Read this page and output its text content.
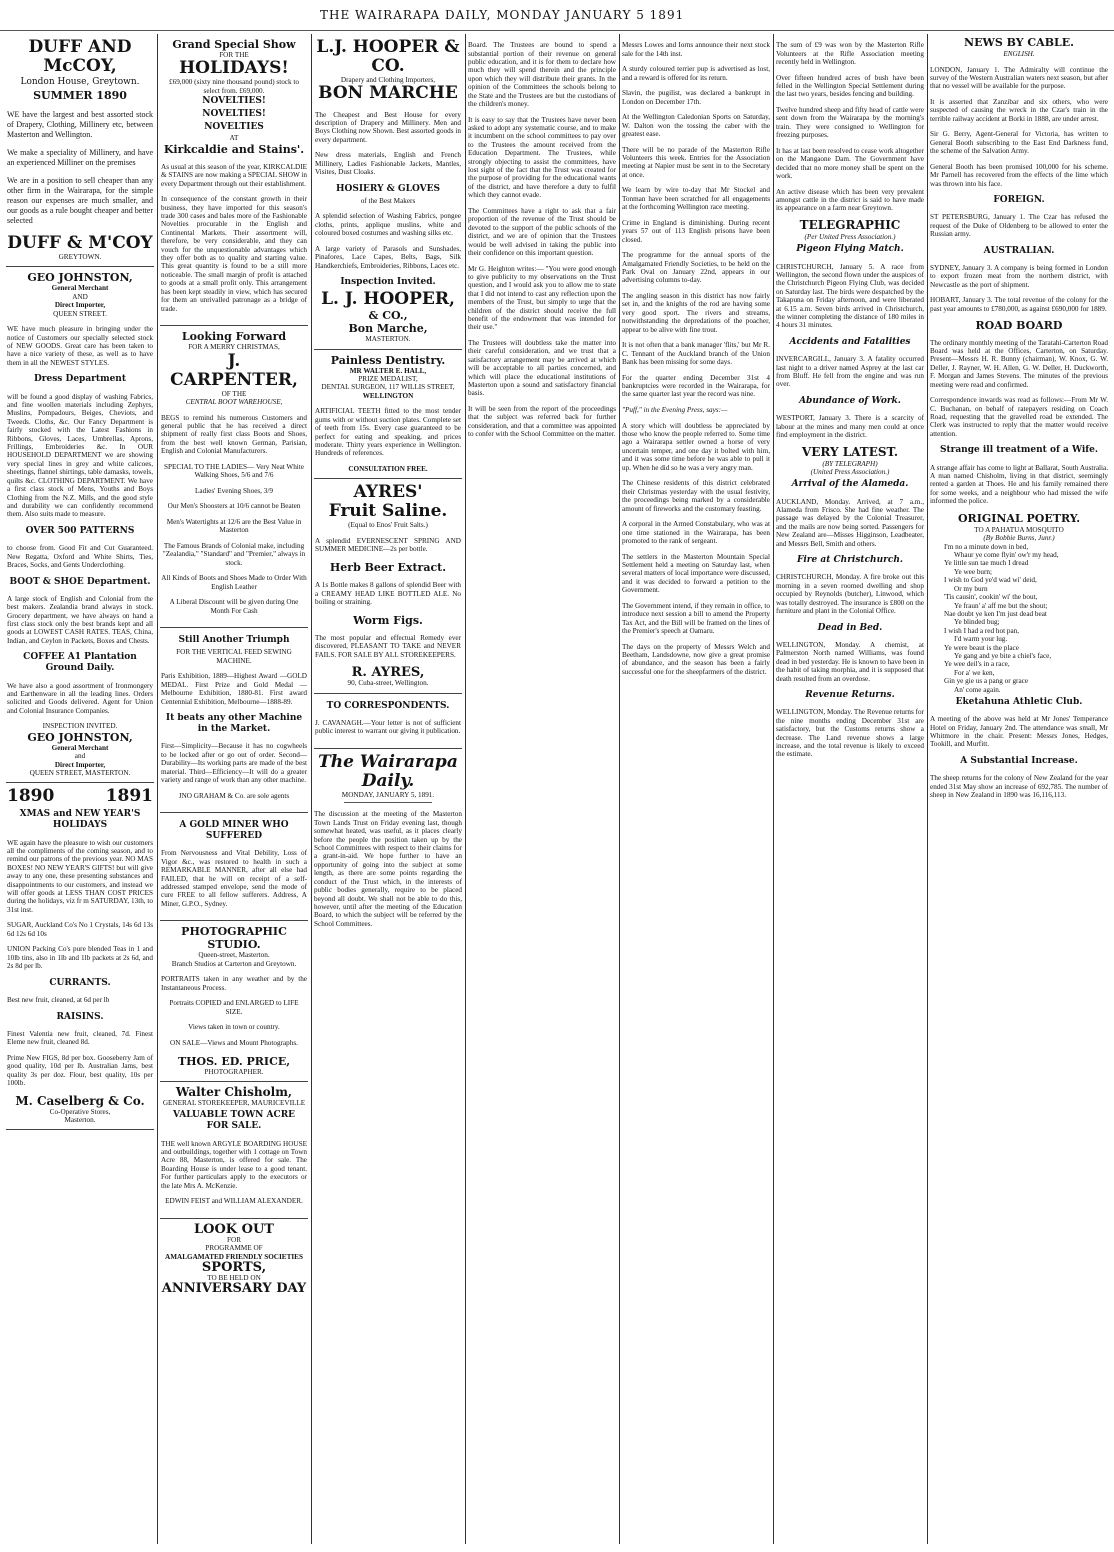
THE WAIRARAPA DAILY, MONDAY JANUARY 5 1891
DUFF AND McCOY,
London House, Greytown.
SUMMER 1890

WE have the largest and best assorted stock of Drapery, Clothing, Millinery etc, between Masterton and Wellington.

We make a speciality of Millinery, and have an experienced Milliner on the premises

We are in a position to sell cheaper than any other firm in the Wairarapa, for the simple reason our expenses are much smaller, and our goods as a rule bought cheaper and better selected

DUFF & M'COY
GREYTOWN.
GEO JOHNSTON,
General Merchant
AND
Direct Importer,
QUEEN STREET.

WE have much pleasure in bringing under the notice of Customers our specially selected stock of NEW GOODS. Great care has been taken to have a nice variety of these, as well as to have them in all the NEWEST STYLES.

Dress Department

will be found a good display of washing Fabrics, and fine woollen materials including Zephyrs, Muslins, Pompadours, Beiges, Cheviots, and Tweeds. Cloths, &c. Our Fancy Department is fairly stocked with the Latest Fashions in Ribbons, Gloves, Laces, Umbrellas, Aprons, Frillings, Embroideries &c. In OUR HOUSEHOLD DEPARTMENT we are showing very special lines in grey and white calicoes, sheetings, flannel shirtings, table damasks, towels, quilts &c. CLOTHING DEPARTMENT. We have a first class stock of Mens, Youths and Boys Clothing from the N.Z. Mills, and the good style and durability we can confidently recommend them. Also suits made to measure.

OVER 500 PATTERNS

to choose from. Good Fit and Cut Guaranteed. New Regatta, Oxford and White Shirts, Ties, Braces, Socks, and Gents Underclothing.

BOOT & SHOE Department.

A large stock of English and Colonial from the best makers. Zealandia brand always in stock. Grocery department, we have always on hand a first class stock only the best brands kept and all goods at LOWEST CASH RATES. TEAS, China, Indian, and Ceylon in Packets, Boxes and Chests.

COFFEE A1 Plantation Ground Daily.

We have also a good assortment of Ironmongery and Earthenware in all the leading lines. Orders solicited and Goods delivered. Agent for Union and Colonial Insurance Companies.

INSPECTION INVITED.
GEO JOHNSTON,
General Merchant
and
Direct Importer,
QUEEN STREET, MASTERTON.
1890	1891
XMAS and NEW YEAR'S HOLIDAYS

WE again have the pleasure to wish our customers all the compliments of the coming season, and to remind our patrons of the previous year. NO MAS BOXES! NO NEW YEAR'S GIFTS! but will give away to any one, these presenting substances and disappointments to our customers, and instead we will offer goods at LESS THAN COST PRICES during the holidays, viz fr m SATURDAY, 13th, to 31st inst.

SUGAR, Auckland Co's No 1 Crystals, 14s 6d 13s 6d 12s 6d 10s

UNION Packing Co's pure blended Teas in 1 and 10lb tins, also in 1lb and 1lb packets at 2s 6d, and 2s 8d per lb.

CURRANTS.

Best new fruit, cleaned, at 6d per lb

RAISINS.

Finest Valentia new fruit, cleaned, 7d. Finest Eleme new fruit, cleaned 8d.

Prime New FIGS, 8d per box. Gooseberry Jam of good quality, 10d per lb. Australian Jams, best quality 3s per doz. Flour, best quality, 10s per 100lb.

M. Caselberg & Co.
Co-Operative Stores,
Masterton.
Grand Special Show
FOR THE
HOLIDAYS!
£69,000 (sixty nine thousand pound) stock to select from. £69,000.
NOVELTIES!
NOVELTIES!
NOVELTIES
AT
Kirkcaldie and Stains'.

As usual at this season of the year, KIRKCALDIE & STAINS are now making a SPECIAL SHOW in every Department through out their establishment.

In consequence of the constant growth in their business, they have imported for this season's trade 300 cases and bales more of the Fashionable Novelties procurable in the English and Continental Markets. Their assortment will, therefore, be very considerable, and they can vouch for the unquestionable advantages which they offer both as to quality and starting value. This great quantity is found to be a still more noticeable. The small margin of profit is attached to goods at a small profit only. This arrangement has been kept steadily in view, which has secured for them an unrivalled patronage as a bridge of trade.

Looking Forward
FOR A MERRY CHRISTMAS,
J. CARPENTER,
OF THE
CENTRAL BOOT WAREHOUSE,

BEGS to remind his numerous Customers and general public that he has received a direct shipment of really first class Boots and Shoes, from the best well known German, Parisian, English and Colonial Manufacturers.

SPECIAL TO THE LADIES— Very Neat White Walking Shoes, 5/6 and 7/6

Ladies' Evening Shoes, 3/9

Our Men's Shoosters at 10/6 cannot be Beaten

Men's Watertights at 12/6 are the Best Value in Masterton

The Famous Brands of Colonial make, including "Zealandia," "Standard" and "Premier," always in stock.

All Kinds of Boots and Shoes Made to Order With English Leather

A Liberal Discount will be given during One Month For Cash

Still Another Triumph
FOR THE VERTICAL FEED SEWING MACHINE.

Paris Exhibition, 1889—Highest Award —GOLD MEDAL. First Prize and Gold Medal — Melbourne Exhibition, 1880-81. First award Centennial Exhibition, Melbourne—1888-89.

It beats any other Machine in the Market.

First—Simplicity—Because it has no cogwheels to be locked after or go out of order. Second—Durability—Its working parts are made of the best material. Third—Efficiency—It will do a greater variety and range of work than any other machine.

JNO GRAHAM & Co. are sole agents

A GOLD MINER WHO SUFFERED

From Nervousness and Vital Debility, Loss of Vigor &c., was restored to health in such a REMARKABLE MANNER, after all else had FAILED, that he will on receipt of a self-addressed stamped envelope, send the mode of cure FREE to all fellow sufferers. Address, A Miner, G.P.O., Sydney.

PHOTOGRAPHIC STUDIO.
Queen-street, Masterton.
Branch Studios at Carterton and Greytown.

PORTRAITS taken in any weather and by the Instantaneous Process.

Portraits COPIED and ENLARGED to LIFE SIZE.

Views taken in town or country.

ON SALE—Views and Mount Photographs.

THOS. ED. PRICE,
PHOTOGRAPHER.
Walter Chisholm,
GENERAL STOREKEEPER, MAURICEVILLE
VALUABLE TOWN ACRE FOR SALE.

THE well known ARGYLE BOARDING HOUSE and outbuildings, together with 1 cottage on Town Acre 88, Masterton, is offered for sale. The Boarding House is under lease to a good tenant. For further particulars apply to the executors or the late Mrs A. McKenzie.

EDWIN FEIST and WILLIAM ALEXANDER.

LOOK OUT
FOR
PROGRAMME OF
AMALGAMATED FRIENDLY SOCIETIES
SPORTS,
TO BE HELD ON
ANNIVERSARY DAY
L.J. HOOPER & CO.
Drapery and Clothing Importers,
BON MARCHE

The Cheapest and Best House for every description of Drapery and Millinery. Men and Boys Clothing now Shown. Best assorted goods in every department.

New dress materials, English and French Millinery, Ladies Fashionable Jackets, Mantles, Visites, Dust Cloaks.

HOSIERY & GLOVES
of the Best Makers

A splendid selection of Washing Fabrics, pongee cloths, prints, applique muslins, white and coloured boxed costumes and washing silks etc.

A large variety of Parasols and Sunshades, Pinafores, Lace Capes, Belts, Bags, Silk Handkerchiefs, Embroideries, Ribbons, Laces etc.

Inspection Invited.
L. J. HOOPER,
& CO.,
Bon Marche,
MASTERTON.
Painless Dentistry.
MR WALTER E. HALL,
PRIZE MEDALIST,
DENTAL SURGEON, 117 WILLIS STREET,
WELLINGTON

ARTIFICIAL TEETH fitted to the most tender gums with or without suction plates. Complete set of teeth from 15s. Every case guaranteed to be perfect for eating and speaking, and prices moderate. Thirty years experience in Wellington. Hundreds of references.

CONSULTATION FREE.
AYRES'
Fruit Saline.
(Equal to Enos' Fruit Salts.)

A splendid EVERNESCENT SPRING AND SUMMER MEDICINE—2s per bottle.

Herb Beer Extract.

A 1s Bottle makes 8 gallons of splendid Beer with a CREAMY HEAD LIKE BOTTLED ALE. No boiling or straining.

Worm Figs.

The most popular and effectual Remedy ever discovered, PLEASANT TO TAKE and NEVER FAILS. FOR SALE BY ALL STOREKEEPERS.

R. AYRES,
90, Cuba-street, Wellington.
TO CORRESPONDENTS.

J. CAVANAGH.—Your letter is not of sufficient public interest to warrant our giving it publication.

The Wairarapa Daily.
MONDAY, JANUARY 5, 1891.

The discussion at the meeting of the Masterton Town Lands Trust on Friday evening last, though somewhat heated, was useful, as it places clearly before the people the position taken up by the School Committees with respect to their claims for a grant-in-aid. We hope further to have an opportunity of going into the subject at some length, as there are some points regarding the conduct of the Trust which, in the interests of public bodies generally, require to be placed beyond all doubt. We shall not be able to do this, however, until after the meeting of the Education Board, to which the subject will be referred by the School Committees.

Board. The Trustees are bound to spend a substantial portion of their revenue on general public education, and it is for them to declare how much they will spend therein and the principle upon which they will distribute their grants. In the opinion of the Committees the schools belong to the State and the Trustees are but the custodians of the children's money.

It is easy to say that the Trustees have never been asked to adopt any systematic course, and to make it incumbent on the school committees to pay over to the Trustees the amount received from the Education Department. The Trustees, while strongly objecting to assist the committees, have lost sight of the fact that the Trust was created for the purpose of providing for the educational wants of the district, and have therefore a duty to fulfil which they cannot evade.

The Committees have a right to ask that a fair proportion of the revenue of the Trust should be devoted to the support of the public schools of the district, and we are of opinion that the Trustees would be well advised in taking the public into their confidence on this important question.

Mr G. Heighton writes:— "You were good enough to give publicity to my observations on the Trust question, and I would ask you to allow me to state that I did not intend to cast any reflection upon the members of the Trust, but simply to urge that the children of the district should receive the full benefit of the endowment that was intended for their use."

The Trustees will doubtless take the matter into their careful consideration, and we trust that a satisfactory arrangement may be arrived at which will be acceptable to all parties concerned, and which will place the educational institutions of Masterton upon a sound and satisfactory financial basis.

It will be seen from the report of the proceedings that the subject was referred back for further consideration, and that a committee was appointed to confer with the School Committee on the matter.

Messrs Lowes and Iorns announce their next stock sale for the 14th inst.

A sturdy coloured terrier pup is advertised as lost, and a reward is offered for its return.

Slavin, the pugilist, was declared a bankrupt in London on December 17th.

At the Wellington Caledonian Sports on Saturday, W. Dalton won the tossing the caber with the greatest ease.

There will be no parade of the Masterton Rifle Volunteers this week. Entries for the Association meeting at Napier must be sent in to the Secretary at once.

We learn by wire to-day that Mr Stockel and Tonman have been scratched for all engagements at the forthcoming Wellington race meeting.

Crime in England is diminishing. During recent years 57 out of 113 English prisons have been closed.

The programme for the annual sports of the Amalgamated Friendly Societies, to be held on the Park Oval on January 22nd, appears in our advertising columns to-day.

The angling season in this district has now fairly set in, and the knights of the rod are having some very good sport. The rivers and streams, notwithstanding the depredations of the poacher, appear to be alive with fine trout.

It is not often that a bank manager 'flits,' but Mr R. C. Tennant of the Auckland branch of the Union Bank has been missing for some days.

For the quarter ending December 31st 4 bankruptcies were recorded in the Wairarapa, for the same quarter last year the record was nine.

"Puff," in the Evening Press, says:—

A story which will doubtless be appreciated by those who know the people referred to. Some time ago a Wairarapa settler owned a horse of very uncertain temper, and one day it bolted with him, and it was some time before he was able to pull it up. When he did so he was a very angry man.

The Chinese residents of this district celebrated their Christmas yesterday with the usual festivity, the proceedings being marked by a considerable amount of fireworks and the customary feasting.

A corporal in the Armed Constabulary, who was at one time stationed in the Wairarapa, has been promoted to the rank of sergeant.

The settlers in the Masterton Mountain Special Settlement held a meeting on Saturday last, when several matters of local importance were discussed, and it was decided to forward a petition to the Government.

The Government intend, if they remain in office, to introduce next session a bill to amend the Property Tax Act, and the Bill will be framed on the lines of the Premier's speech at Oamaru.

The days on the property of Messrs Welch and Beetham, Landsdowne, now give a great promise of abundance, and the season has been a fairly successful one for the sheepfarmers of the district.

The sum of £9 was won by the Masterton Rifle Volunteers at the Rifle Association meeting recently held in Wellington.

Over fifteen hundred acres of bush have been felled in the Wellington Special Settlement during the last two years, besides fencing and building.

Twelve hundred sheep and fifty head of cattle were sent down from the Wairarapa by the morning's train. They were consigned to Wellington for freezing purposes.

It has at last been resolved to cease work altogether on the Mangaone Dam. The Government have decided that no more money shall be spent on the work.

An active disease which has been very prevalent amongst cattle in the district is said to have made its appearance on a farm near Greytown.

TELEGRAPHIC
(Per United Press Association.)
Pigeon Flying Match.

CHRISTCHURCH, January 5. A race from Wellington, the second flown under the auspices of the Christchurch Pigeon Flying Club, was decided on Saturday last. The birds were despatched by the Takapuna on Friday afternoon, and were liberated at 6.15 a.m. Seven birds arrived in Christchurch, the winner completing the distance of 180 miles in 4 hours 31 minutes.

Accidents and Fatalities

INVERCARGILL, January 3. A fatality occurred last night to a driver named Asprey at the last car from Bluff. He fell from the engine and was run over.

Abundance of Work.

WESTPORT, January 3. There is a scarcity of labour at the mines and many men could at once find employment in the district.

VERY LATEST.
(BY TELEGRAPH)
(United Press Association.)
Arrival of the Alameda.

AUCKLAND, Monday. Arrived, at 7 a.m., Alameda from Frisco. She had fine weather. The passage was delayed by the Colonial Treasurer, and the mails are now being sorted. Passengers for New Zealand are—Misses Higginson, Leadbeater, and Messrs Bell, Smith and others.

Fire at Christchurch.

CHRISTCHURCH, Monday. A fire broke out this morning in a seven roomed dwelling and shop occupied by Reynolds (butcher), Linwood, which was totally destroyed. The insurance is £800 on the furniture and plant in the Colonial Office.

Dead in Bed.

WELLINGTON, Monday. A chemist, at Palmerston North named Williams, was found dead in bed yesterday. He is known to have been in the habit of taking morphia, and it is supposed that death resulted from an overdose.

Revenue Returns.

WELLINGTON, Monday. The Revenue returns for the nine months ending December 31st are satisfactory, but the Customs returns show a decrease. The Land revenue shows a large increase, and the total revenue is likely to exceed the estimate.

NEWS BY CABLE.
ENGLISH.

LONDON, January 1. The Admiralty will continue the survey of the Western Australian waters next season, but after that no vessel will be available for the purpose.

It is asserted that Zanzibar and six others, who were suspected of causing the wreck in the Czar's train in the terrible railway accident at Borki in 1888, are under arrest.

Sir G. Berry, Agent-General for Victoria, has written to General Booth subscribing to the East End Darkness fund, the scheme of the Salvation Army.

General Booth has been promised 100,000 for his scheme. Mr Parnell has recovered from the effects of the lime which was thrown into his face.

FOREIGN.

ST PETERSBURG, January 1. The Czar has refused the request of the Duke of Oldenberg to be allowed to enter the Russian army.

AUSTRALIAN.

SYDNEY, January 3. A company is being formed in London to export frozen meat from the northern district, with Newcastle as the port of shipment.

HOBART, January 3. The total revenue of the colony for the past year amounts to £780,000, as against £690,000 for 1889.

ROAD BOARD

The ordinary monthly meeting of the Taratahi-Carterton Road Board was held at the Offices, Carterton, on Saturday. Present—Messrs H. R. Bunny (chairman), W. Knox, G. W. Deller, J. Rayner, W. H. Allen, G. W. Deller, H. Duckworth, F. Morgan and James Stevens. The minutes of the previous meeting were read and confirmed.

Correspondence inwards was read as follows:—From Mr W. C. Buchanan, on behalf of ratepayers residing on Coach Road, requesting that the gravelled road be extended. The Clerk was instructed to reply that the matter would receive attention.

Strange ill treatment of a Wife.

A strange affair has come to light at Ballarat, South Australia. A man named Chisholm, living in that district, seemingly rented a garden at Thoes. He and his family remained there for some weeks, and a neighbour who had missed the wife informed the police.

ORIGINAL POETRY.
TO A PAHATUA MOSQUITO
(By Bobbie Burns, Junr.)
I'm no a minute down in bed,
Whaur ye come flyin' ow'r my head,
Ye little sun tae much I dread
Ye wee burn;
I wish to God ye'd wad wi' deid,
Or my burn
'Tis causin', cookin' wi' the bout,
Ye fraun' a' aff me but the shout;
Nae doubt ye ken I'm just dead beat
Ye blinded bug;
I wish I had a red hot pan,
I'd warm your lug.
Ye were beaut is the place
Ye gang and ye bite a chiel's face,
Ye wee deil's in a race,
For a' we ken,
Gin ye gie us a pang or grace
An' come again.
Eketahuna Athletic Club.

A meeting of the above was held at Mr Jones' Temperance Hotel on Friday, January 2nd. The attendance was small, Mr Whitmore in the chair. Present: Messrs Jones, Hedges, Tookill, and Murfitt.

A Substantial Increase.

The sheep returns for the colony of New Zealand for the year ended 31st May show an increase of 692,785. The number of sheep in New Zealand in 1890 was 16,116,113.
